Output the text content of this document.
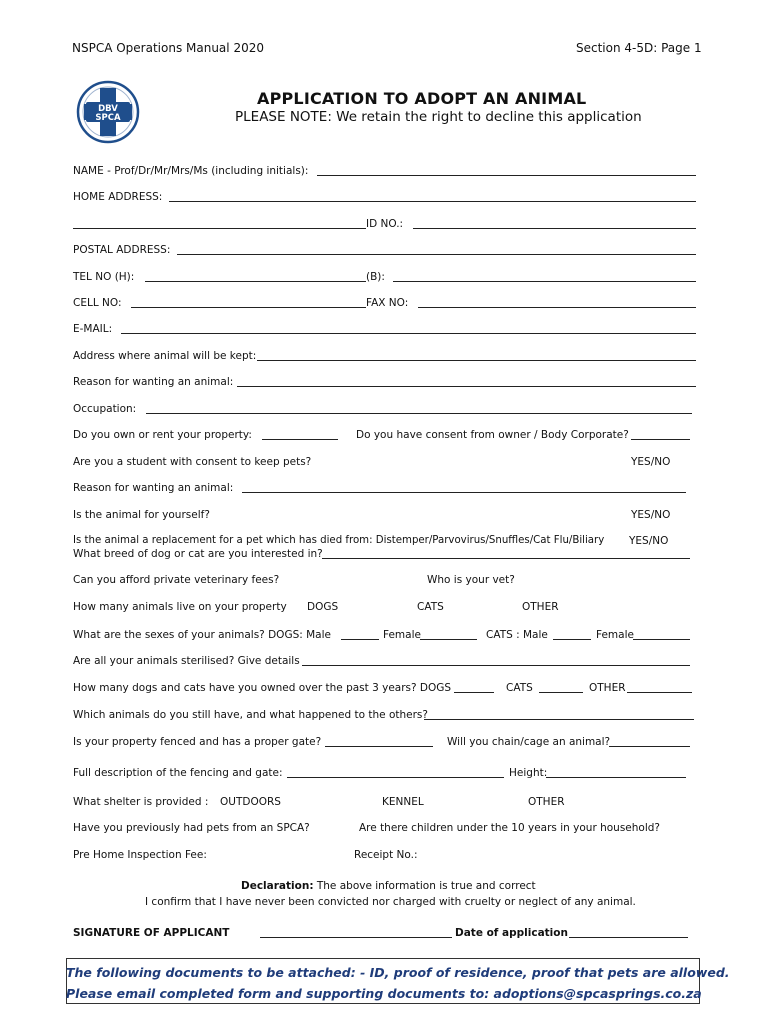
NSPCA Operations Manual 2020	Section 4-5D: Page 1
DBV
SPCA
APPLICATION TO ADOPT AN ANIMAL
PLEASE NOTE: We retain the right to decline this application
NAME - Prof/Dr/Mr/Mrs/Ms (including initials):
HOME ADDRESS:
ID NO.:
POSTAL ADDRESS:
TEL NO (H):	(B):
CELL NO:	FAX NO:
E-MAIL:
Address where animal will be kept:
Reason for wanting an animal:
Occupation:
Do you own or rent your property:	Do you have consent from owner / Body Corporate?
Are you a student with consent to keep pets?	YES/NO
Reason for wanting an animal:
Is the animal for yourself?	YES/NO
Is the animal a replacement for a pet which has died from: Distemper/Parvovirus/Snuffles/Cat Flu/Biliary YES/NO
What breed of dog or cat are you interested in?
Can you afford private veterinary fees?	Who is your vet?
How many animals live on your property DOGS	CATS	OTHER
What are the sexes of your animals? DOGS: Male	Female	CATS : Male	Female
Are all your animals sterilised? Give details
How many dogs and cats have you owned over the past 3 years? DOGS	CATS	OTHER
Which animals do you still have, and what happened to the others?
Is your property fenced and has a proper gate?	Will you chain/cage an animal?
Full description of the fencing and gate:	Height:
What shelter is provided : OUTDOORS	KENNEL	OTHER
Have you previously had pets from an SPCA?	Are there children under the 10 years in your household?
Pre Home Inspection Fee:	Receipt No.:
Declaration: The above information is true and correct
I confirm that I have never been convicted nor charged with cruelty or neglect of any animal.
SIGNATURE OF APPLICANT	Date of application
The following documents to be attached: - ID, proof of residence, proof that pets are allowed.
Please email completed form and supporting documents to: adoptions@spcasprings.co.za
